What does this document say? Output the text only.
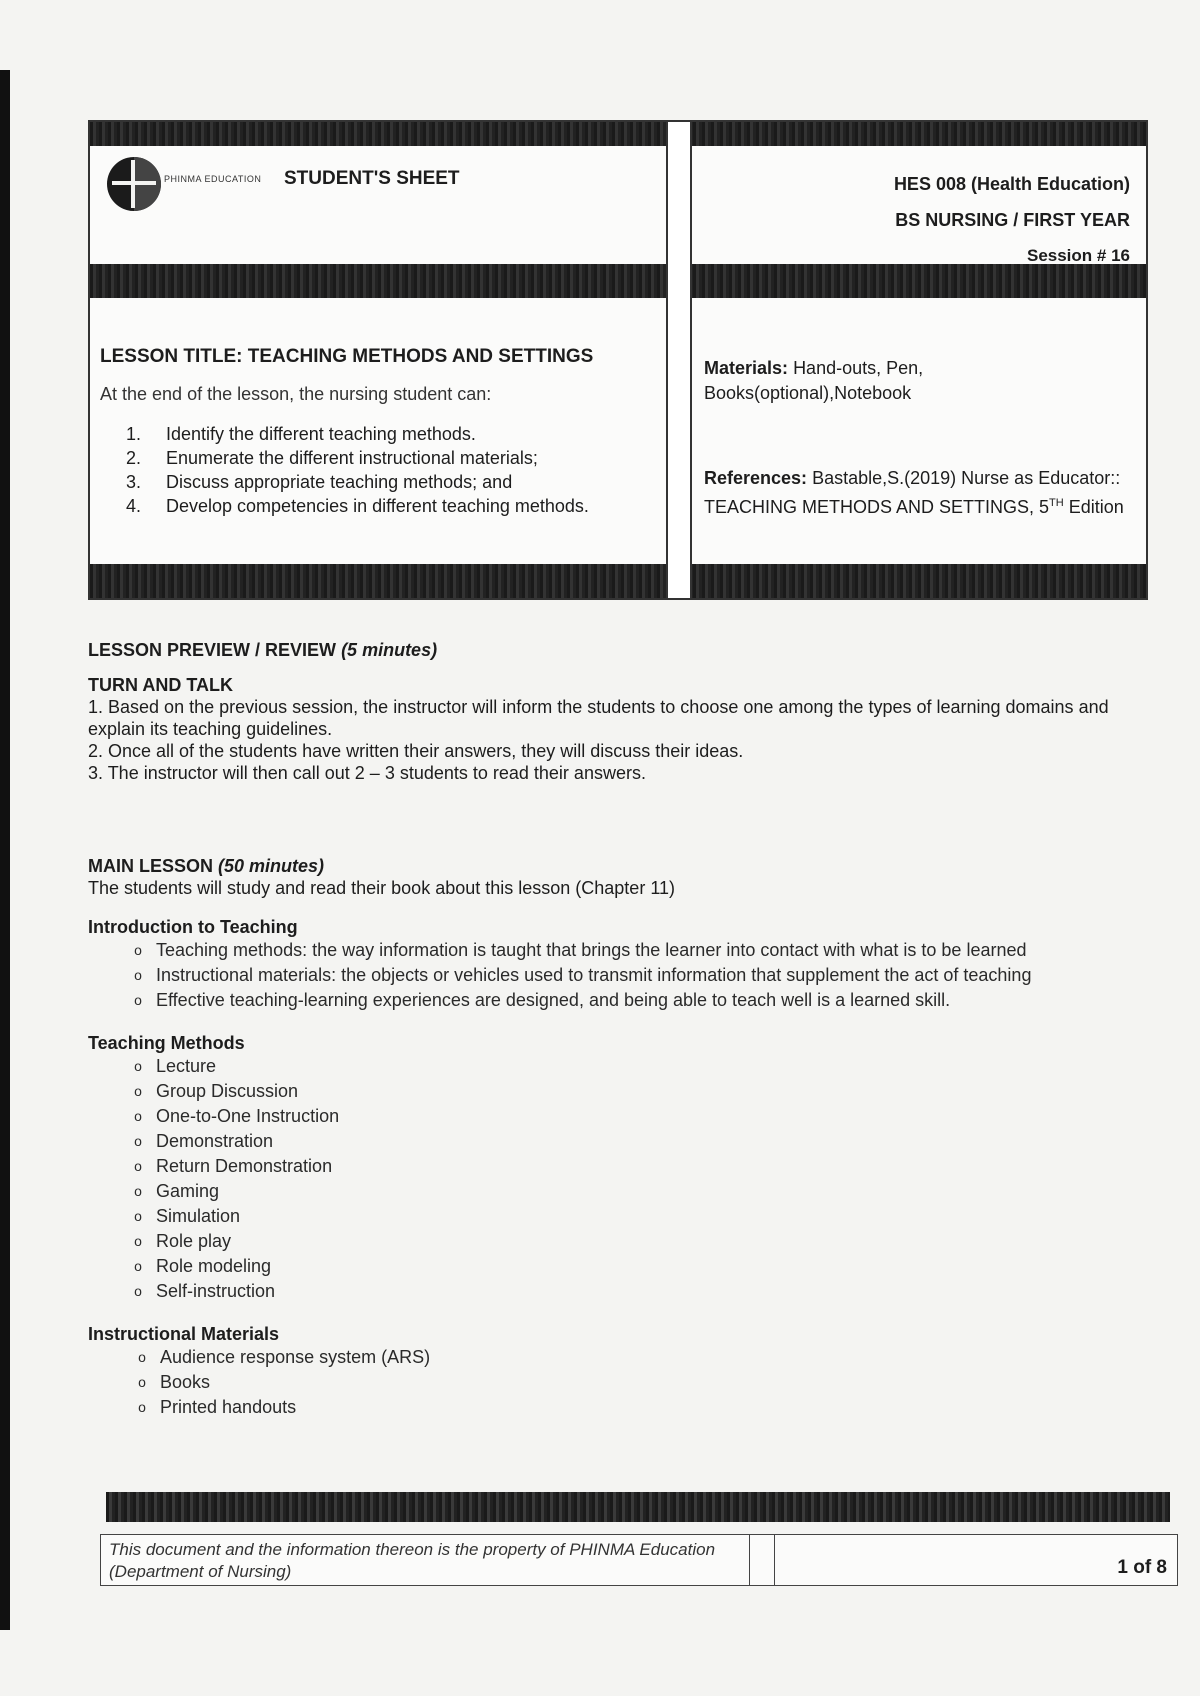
PHINMA EDUCATION STUDENT'S SHEET	HES 008 (Health Education)
BS NURSING / FIRST YEAR
Session # 16
LESSON TITLE: TEACHING METHODS AND SETTINGS
At the end of the lesson, the nursing student can:
1.	Identify the different teaching methods.
2.	Enumerate the different instructional materials;
3.	Discuss appropriate teaching methods; and
4.	Develop competencies in different teaching methods.
Materials: Hand-outs, Pen, Books(optional),Notebook
References: Bastable,S.(2019) Nurse as Educator:: TEACHING METHODS AND SETTINGS, 5TH Edition
LESSON PREVIEW / REVIEW (5 minutes)
TURN AND TALK
1. Based on the previous session, the instructor will inform the students to choose one among the types of learning domains and explain its teaching guidelines.
2. Once all of the students have written their answers, they will discuss their ideas.
3. The instructor will then call out 2 – 3 students to read their answers.
MAIN LESSON (50 minutes)
The students will study and read their book about this lesson (Chapter 11)
Introduction to Teaching
o Teaching methods: the way information is taught that brings the learner into contact with what is to be learned
o Instructional materials: the objects or vehicles used to transmit information that supplement the act of teaching
o Effective teaching-learning experiences are designed, and being able to teach well is a learned skill.
Teaching Methods
o Lecture
o Group Discussion
o One-to-One Instruction
o Demonstration
o Return Demonstration
o Gaming
o Simulation
o Role play
o Role modeling
o Self-instruction
Instructional Materials
o Audience response system (ARS)
o Books
o Printed handouts
This document and the information thereon is the property of PHINMA Education (Department of Nursing)	1 of 8
